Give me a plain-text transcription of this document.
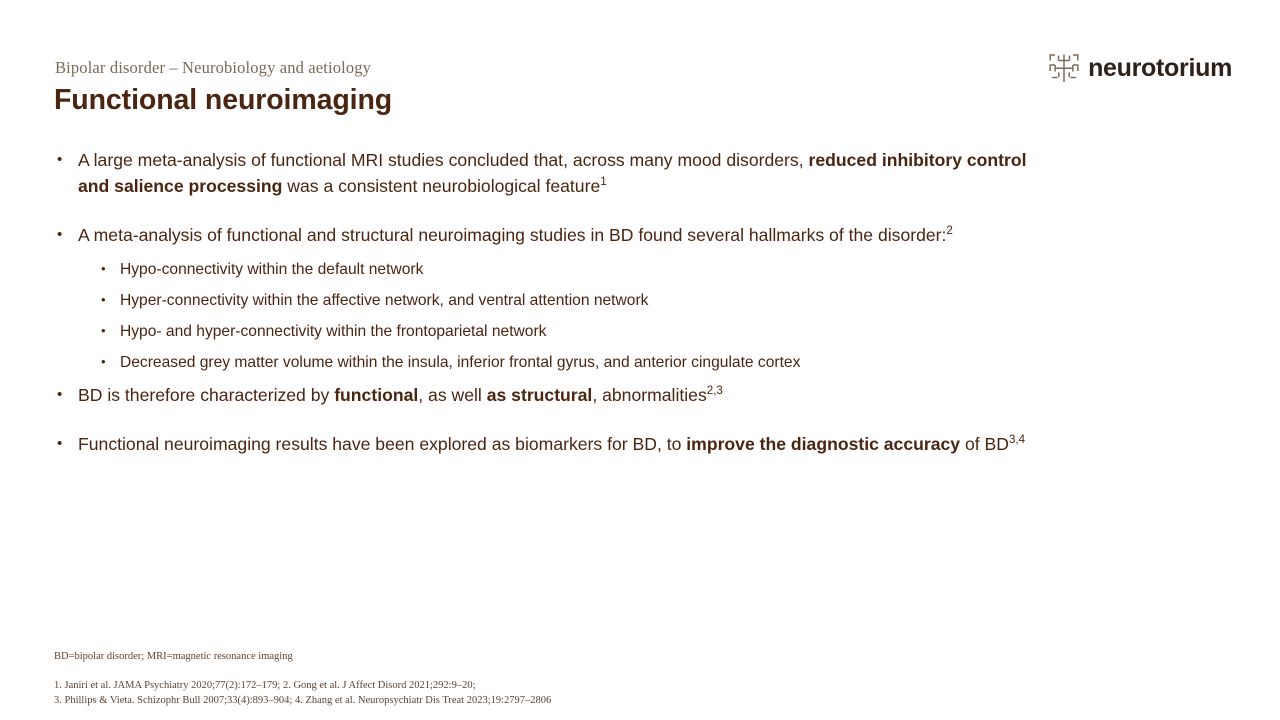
Bipolar disorder – Neurobiology and aetiology
Functional neuroimaging
neurotorium
• A large meta-analysis of functional MRI studies concluded that, across many mood disorders, reduced inhibitory control and salience processing was a consistent neurobiological feature$^1$
• A meta-analysis of functional and structural neuroimaging studies in BD found several hallmarks of the disorder:$^2$
• Hypo-connectivity within the default network
• Hyper-connectivity within the affective network, and ventral attention network
• Hypo- and hyper-connectivity within the frontoparietal network
• Decreased grey matter volume within the insula, inferior frontal gyrus, and anterior cingulate cortex
• BD is therefore characterized by functional, as well as structural, abnormalities$^{2,3}$
• Functional neuroimaging results have been explored as biomarkers for BD, to improve the diagnostic accuracy of BD$^{3,4}$
BD=bipolar disorder; MRI=magnetic resonance imaging
1. Janiri et al. JAMA Psychiatry 2020;77(2):172–179; 2. Gong et al. J Affect Disord 2021;292:9–20;
3. Phillips & Vieta. Schizophr Bull 2007;33(4):893–904; 4. Zhang et al. Neuropsychiatr Dis Treat 2023;19:2797–2806
